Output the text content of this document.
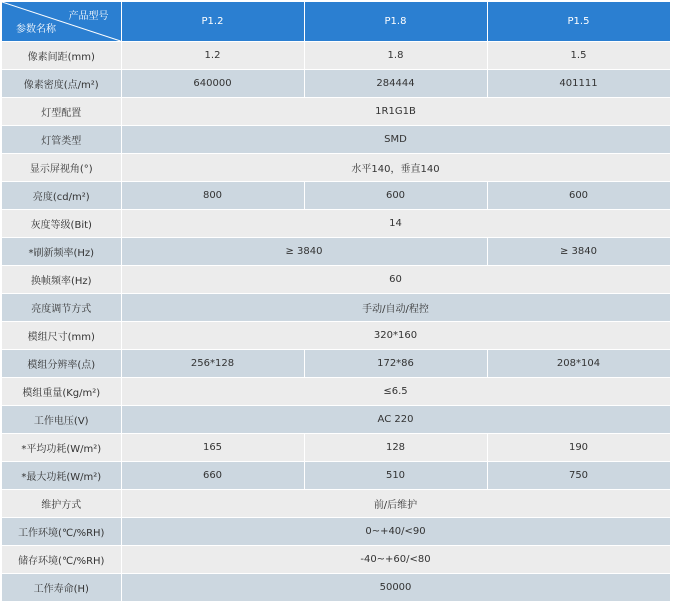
产品型号
参数名称	P1.2	P1.8	P1.5
像素间距(mm)	1.2	1.8	1.5
像素密度(点/m²)	640000	284444	401111
灯型配置	1R1G1B		
灯管类型	SMD		
显示屏视角(°)	水平140，垂直140		
亮度(cd/m²)	800	600	600
灰度等级(Bit)	14		
*刷新频率(Hz)	≥ 3840		≥ 3840
换帧频率(Hz)	60		
亮度调节方式	手动/自动/程控		
模组尺寸(mm)	320*160		
模组分辨率(点)	256*128	172*86	208*104
模组重量(Kg/m²)	≤6.5		
工作电压(V)	AC 220		
*平均功耗(W/m²)	165	128	190
*最大功耗(W/m²)	660	510	750
维护方式	前/后维护		
工作环境(℃/%RH)	0~+40/<90		
储存环境(℃/%RH)	-40~+60/<80		
工作寿命(H)	50000		
